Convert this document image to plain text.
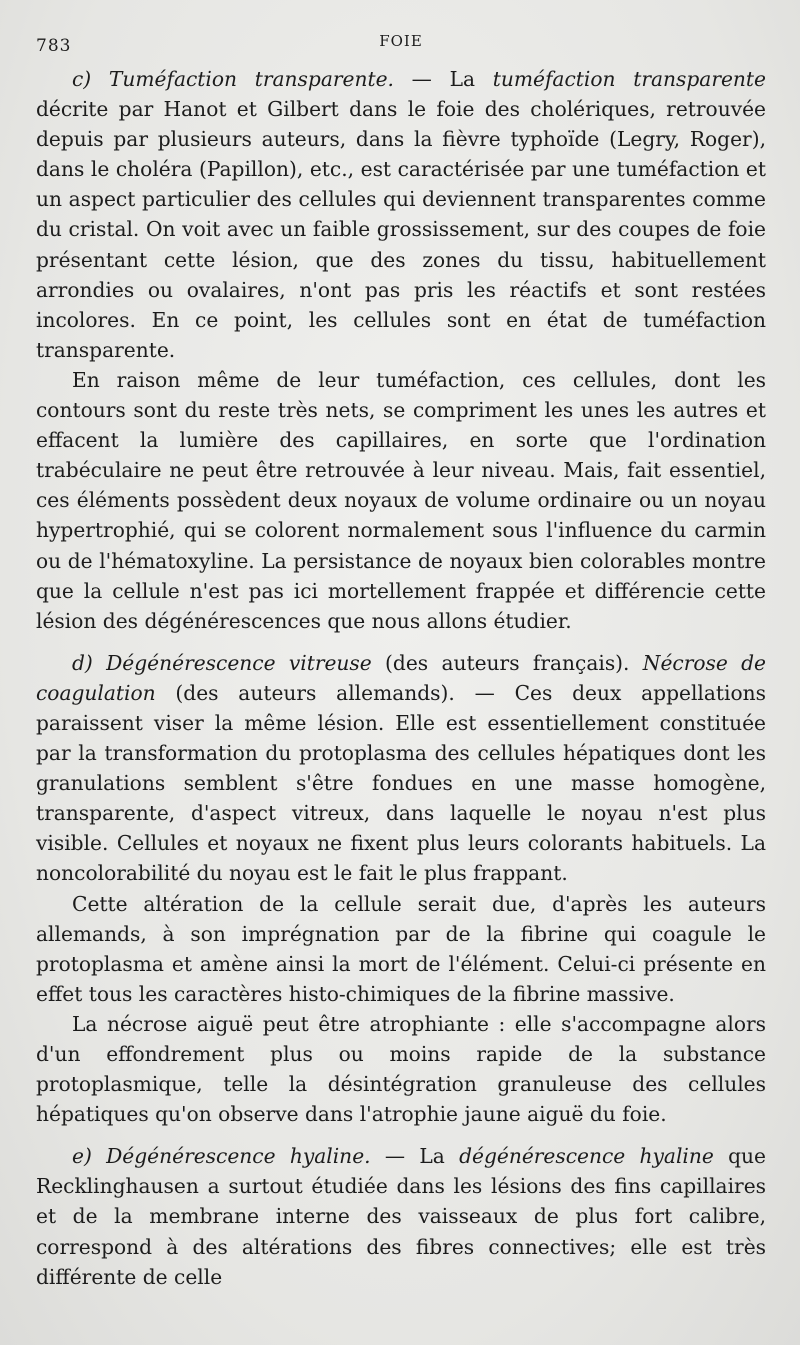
783	FOIE

c) Tuméfaction transparente. — La tuméfaction transparente décrite par Hanot et Gilbert dans le foie des cholériques, retrouvée depuis par plusieurs auteurs, dans la fièvre typhoïde (Legry, Roger), dans le choléra (Papillon), etc., est caractérisée par une tuméfaction et un aspect particulier des cellules qui deviennent transparentes comme du cristal. On voit avec un faible grossissement, sur des coupes de foie présentant cette lésion, que des zones du tissu, habituellement arrondies ou ovalaires, n'ont pas pris les réactifs et sont restées incolores. En ce point, les cellules sont en état de tuméfaction transparente.

En raison même de leur tuméfaction, ces cellules, dont les contours sont du reste très nets, se compriment les unes les autres et effacent la lumière des capillaires, en sorte que l'ordination trabéculaire ne peut être retrouvée à leur niveau. Mais, fait essentiel, ces éléments possèdent deux noyaux de volume ordinaire ou un noyau hypertrophié, qui se colorent normalement sous l'influence du carmin ou de l'hématoxyline. La persistance de noyaux bien colorables montre que la cellule n'est pas ici mortellement frappée et différencie cette lésion des dégénérescences que nous allons étudier.

d) Dégénérescence vitreuse (des auteurs français). Nécrose de coagulation (des auteurs allemands). — Ces deux appellations paraissent viser la même lésion. Elle est essentiellement constituée par la transformation du protoplasma des cellules hépatiques dont les granulations semblent s'être fondues en une masse homogène, transparente, d'aspect vitreux, dans laquelle le noyau n'est plus visible. Cellules et noyaux ne fixent plus leurs colorants habituels. La noncolorabilité du noyau est le fait le plus frappant.

Cette altération de la cellule serait due, d'après les auteurs allemands, à son imprégnation par de la fibrine qui coagule le protoplasma et amène ainsi la mort de l'élément. Celui-ci présente en effet tous les caractères histo-chimiques de la fibrine massive.

La nécrose aiguë peut être atrophiante : elle s'accompagne alors d'un effondrement plus ou moins rapide de la substance protoplasmique, telle la désintégration granuleuse des cellules hépatiques qu'on observe dans l'atrophie jaune aiguë du foie.

e) Dégénérescence hyaline. — La dégénérescence hyaline que Recklinghausen a surtout étudiée dans les lésions des fins capillaires et de la membrane interne des vaisseaux de plus fort calibre, correspond à des altérations des fibres connectives; elle est très différente de celle
